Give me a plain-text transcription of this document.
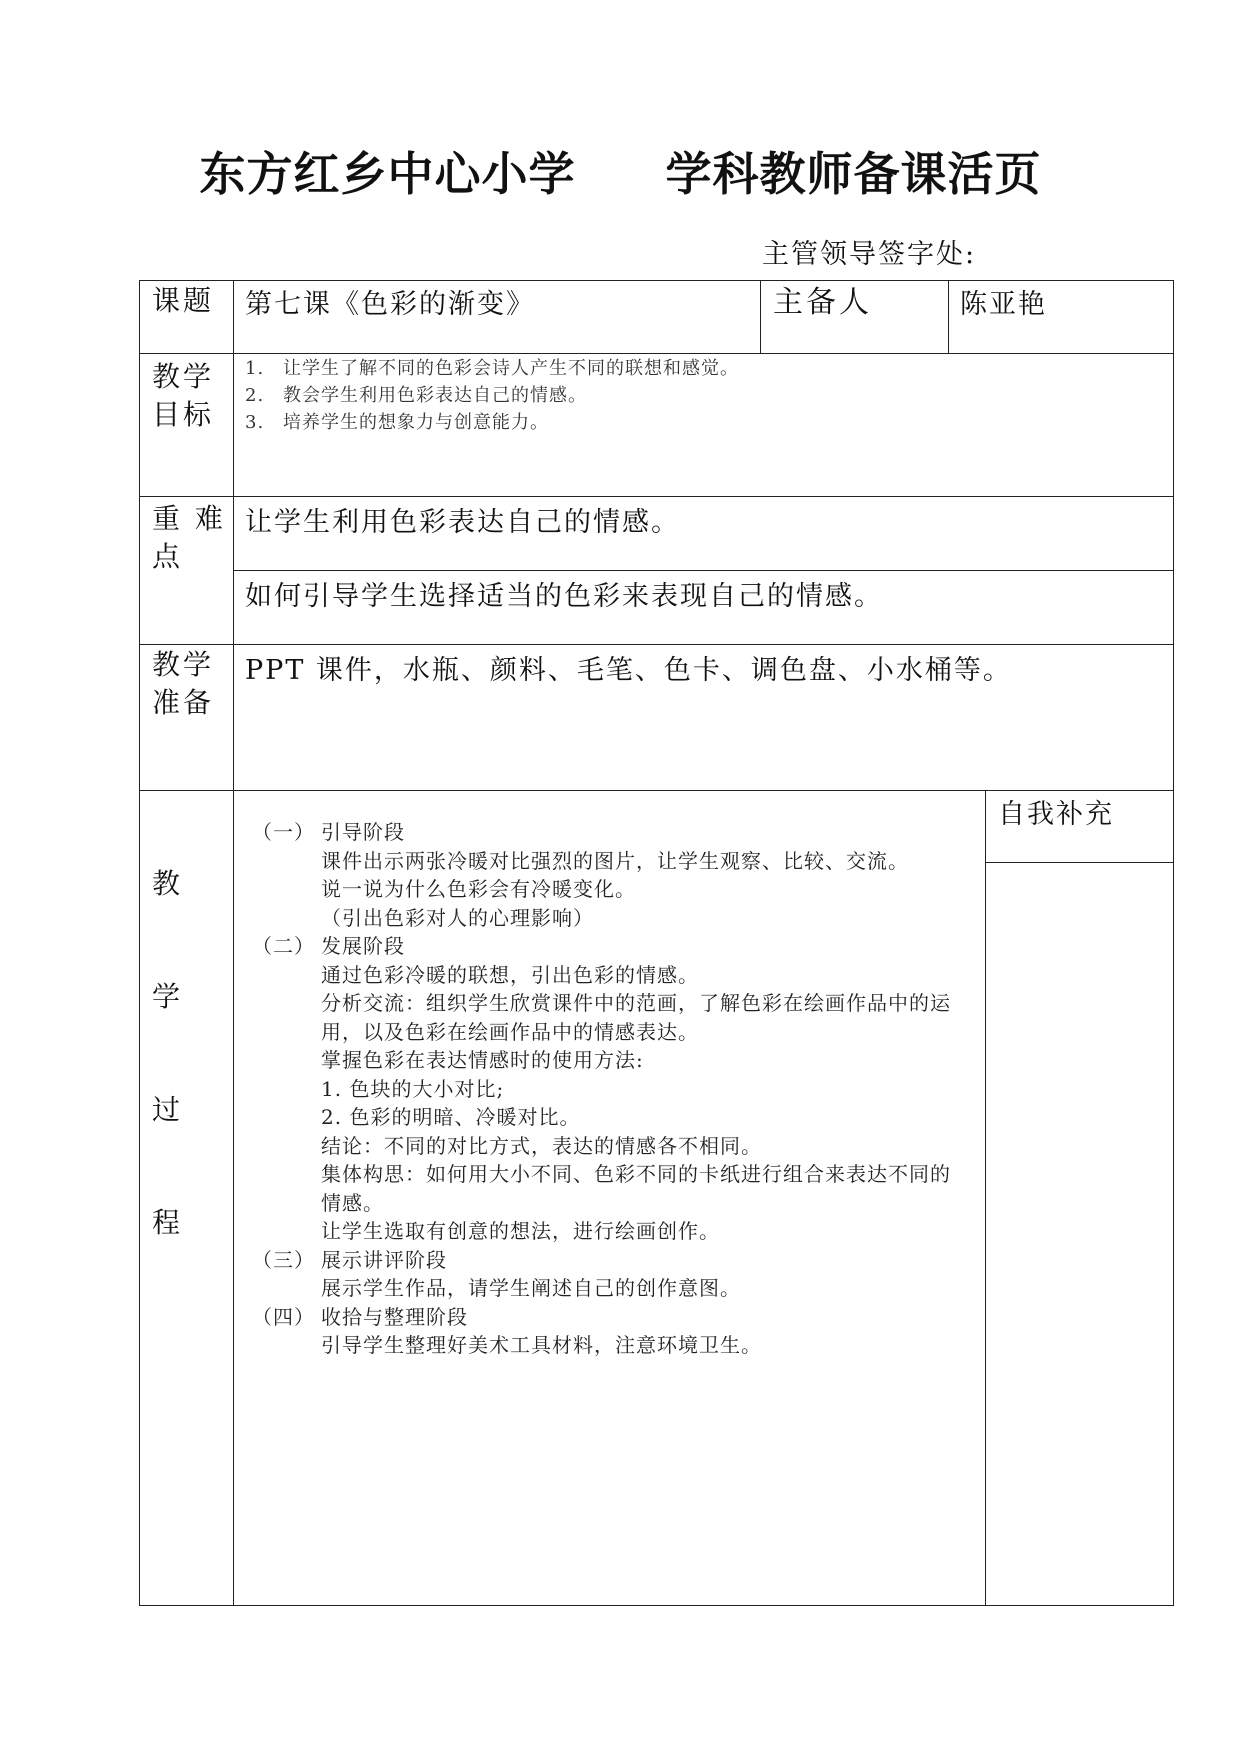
东方红乡中心小学 学科教师备课活页
主管领导签字处:
课题 第七课《色彩的渐变》	主备人	陈亚艳
教学
目标
1. 让学生了解不同的色彩会诗人产生不同的联想和感觉。
2. 教会学生利用色彩表达自己的情感。
3. 培养学生的想象力与创意能力。
重 难
点
让学生利用色彩表达自己的情感。
如何引导学生选择适当的色彩来表现自己的情感。
教学
准备
PPT 课件，水瓶、颜料、毛笔、色卡、调色盘、小水桶等。
教
学
过
程
自我补充
（一） 引导阶段
课件出示两张冷暖对比强烈的图片，让学生观察、比较、交流。
说一说为什么色彩会有冷暖变化。
（引出色彩对人的心理影响）
（二） 发展阶段
通过色彩冷暖的联想，引出色彩的情感。
分析交流：组织学生欣赏课件中的范画，了解色彩在绘画作品中的运
用，以及色彩在绘画作品中的情感表达。
掌握色彩在表达情感时的使用方法:
1. 色块的大小对比;
2. 色彩的明暗、冷暖对比。
结论：不同的对比方式，表达的情感各不相同。
集体构思：如何用大小不同、色彩不同的卡纸进行组合来表达不同的
情感。
让学生选取有创意的想法，进行绘画创作。
（三） 展示讲评阶段
展示学生作品，请学生阐述自己的创作意图。
（四） 收拾与整理阶段
引导学生整理好美术工具材料，注意环境卫生。
